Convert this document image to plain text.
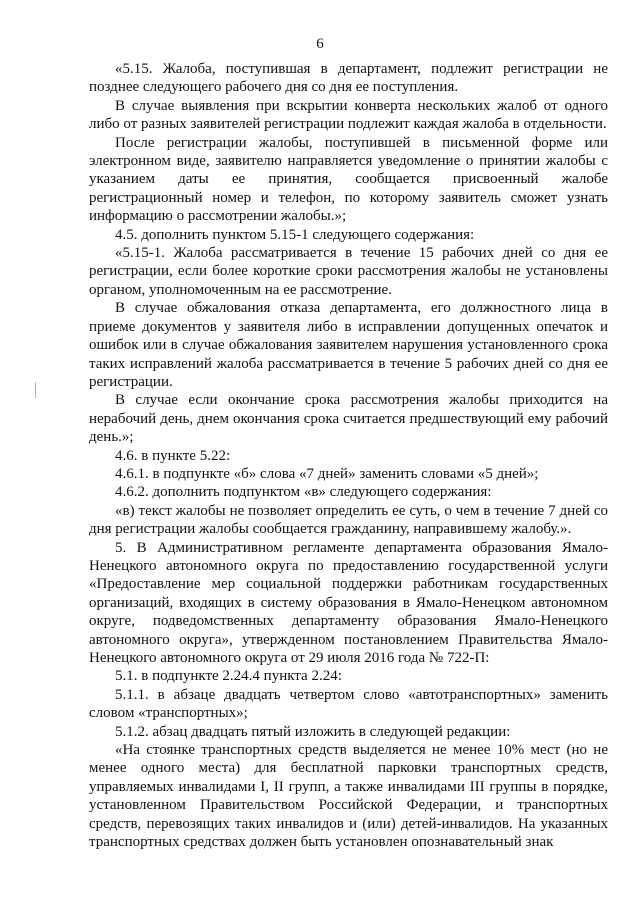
6

«5.15. Жалоба, поступившая в департамент, подлежит регистрации не позднее следующего рабочего дня со дня ее поступления.

В случае выявления при вскрытии конверта нескольких жалоб от одного либо от разных заявителей регистрации подлежит каждая жалоба в отдельности.

После регистрации жалобы, поступившей в письменной форме или электронном виде, заявителю направляется уведомление о принятии жалобы с указанием даты ее принятия, сообщается присвоенный жалобе регистрационный номер и телефон, по которому заявитель сможет узнать информацию о рассмотрении жалобы.»;

4.5. дополнить пунктом 5.15-1 следующего содержания:

«5.15-1. Жалоба рассматривается в течение 15 рабочих дней со дня ее регистрации, если более короткие сроки рассмотрения жалобы не установлены органом, уполномоченным на ее рассмотрение.

В случае обжалования отказа департамента, его должностного лица в приеме документов у заявителя либо в исправлении допущенных опечаток и ошибок или в случае обжалования заявителем нарушения установленного срока таких исправлений жалоба рассматривается в течение 5 рабочих дней со дня ее регистрации.

В случае если окончание срока рассмотрения жалобы приходится на нерабочий день, днем окончания срока считается предшествующий ему рабочий день.»;

4.6. в пункте 5.22:

4.6.1. в подпункте «б» слова «7 дней» заменить словами «5 дней»;

4.6.2. дополнить подпунктом «в» следующего содержания:

«в) текст жалобы не позволяет определить ее суть, о чем в течение 7 дней со дня регистрации жалобы сообщается гражданину, направившему жалобу.».

5. В Административном регламенте департамента образования Ямало-Ненецкого автономного округа по предоставлению государственной услуги «Предоставление мер социальной поддержки работникам государственных организаций, входящих в систему образования в Ямало-Ненецком автономном округе, подведомственных департаменту образования Ямало-Ненецкого автономного округа», утвержденном постановлением Правительства Ямало-Ненецкого автономного округа от 29 июля 2016 года № 722-П:

5.1. в подпункте 2.24.4 пункта 2.24:

5.1.1. в абзаце двадцать четвертом слово «автотранспортных» заменить словом «транспортных»;

5.1.2. абзац двадцать пятый изложить в следующей редакции:

«На стоянке транспортных средств выделяется не менее 10% мест (но не менее одного места) для бесплатной парковки транспортных средств, управляемых инвалидами I, II групп, а также инвалидами III группы в порядке, установленном Правительством Российской Федерации, и транспортных средств, перевозящих таких инвалидов и (или) детей-инвалидов. На указанных транспортных средствах должен быть установлен опознавательный знак
